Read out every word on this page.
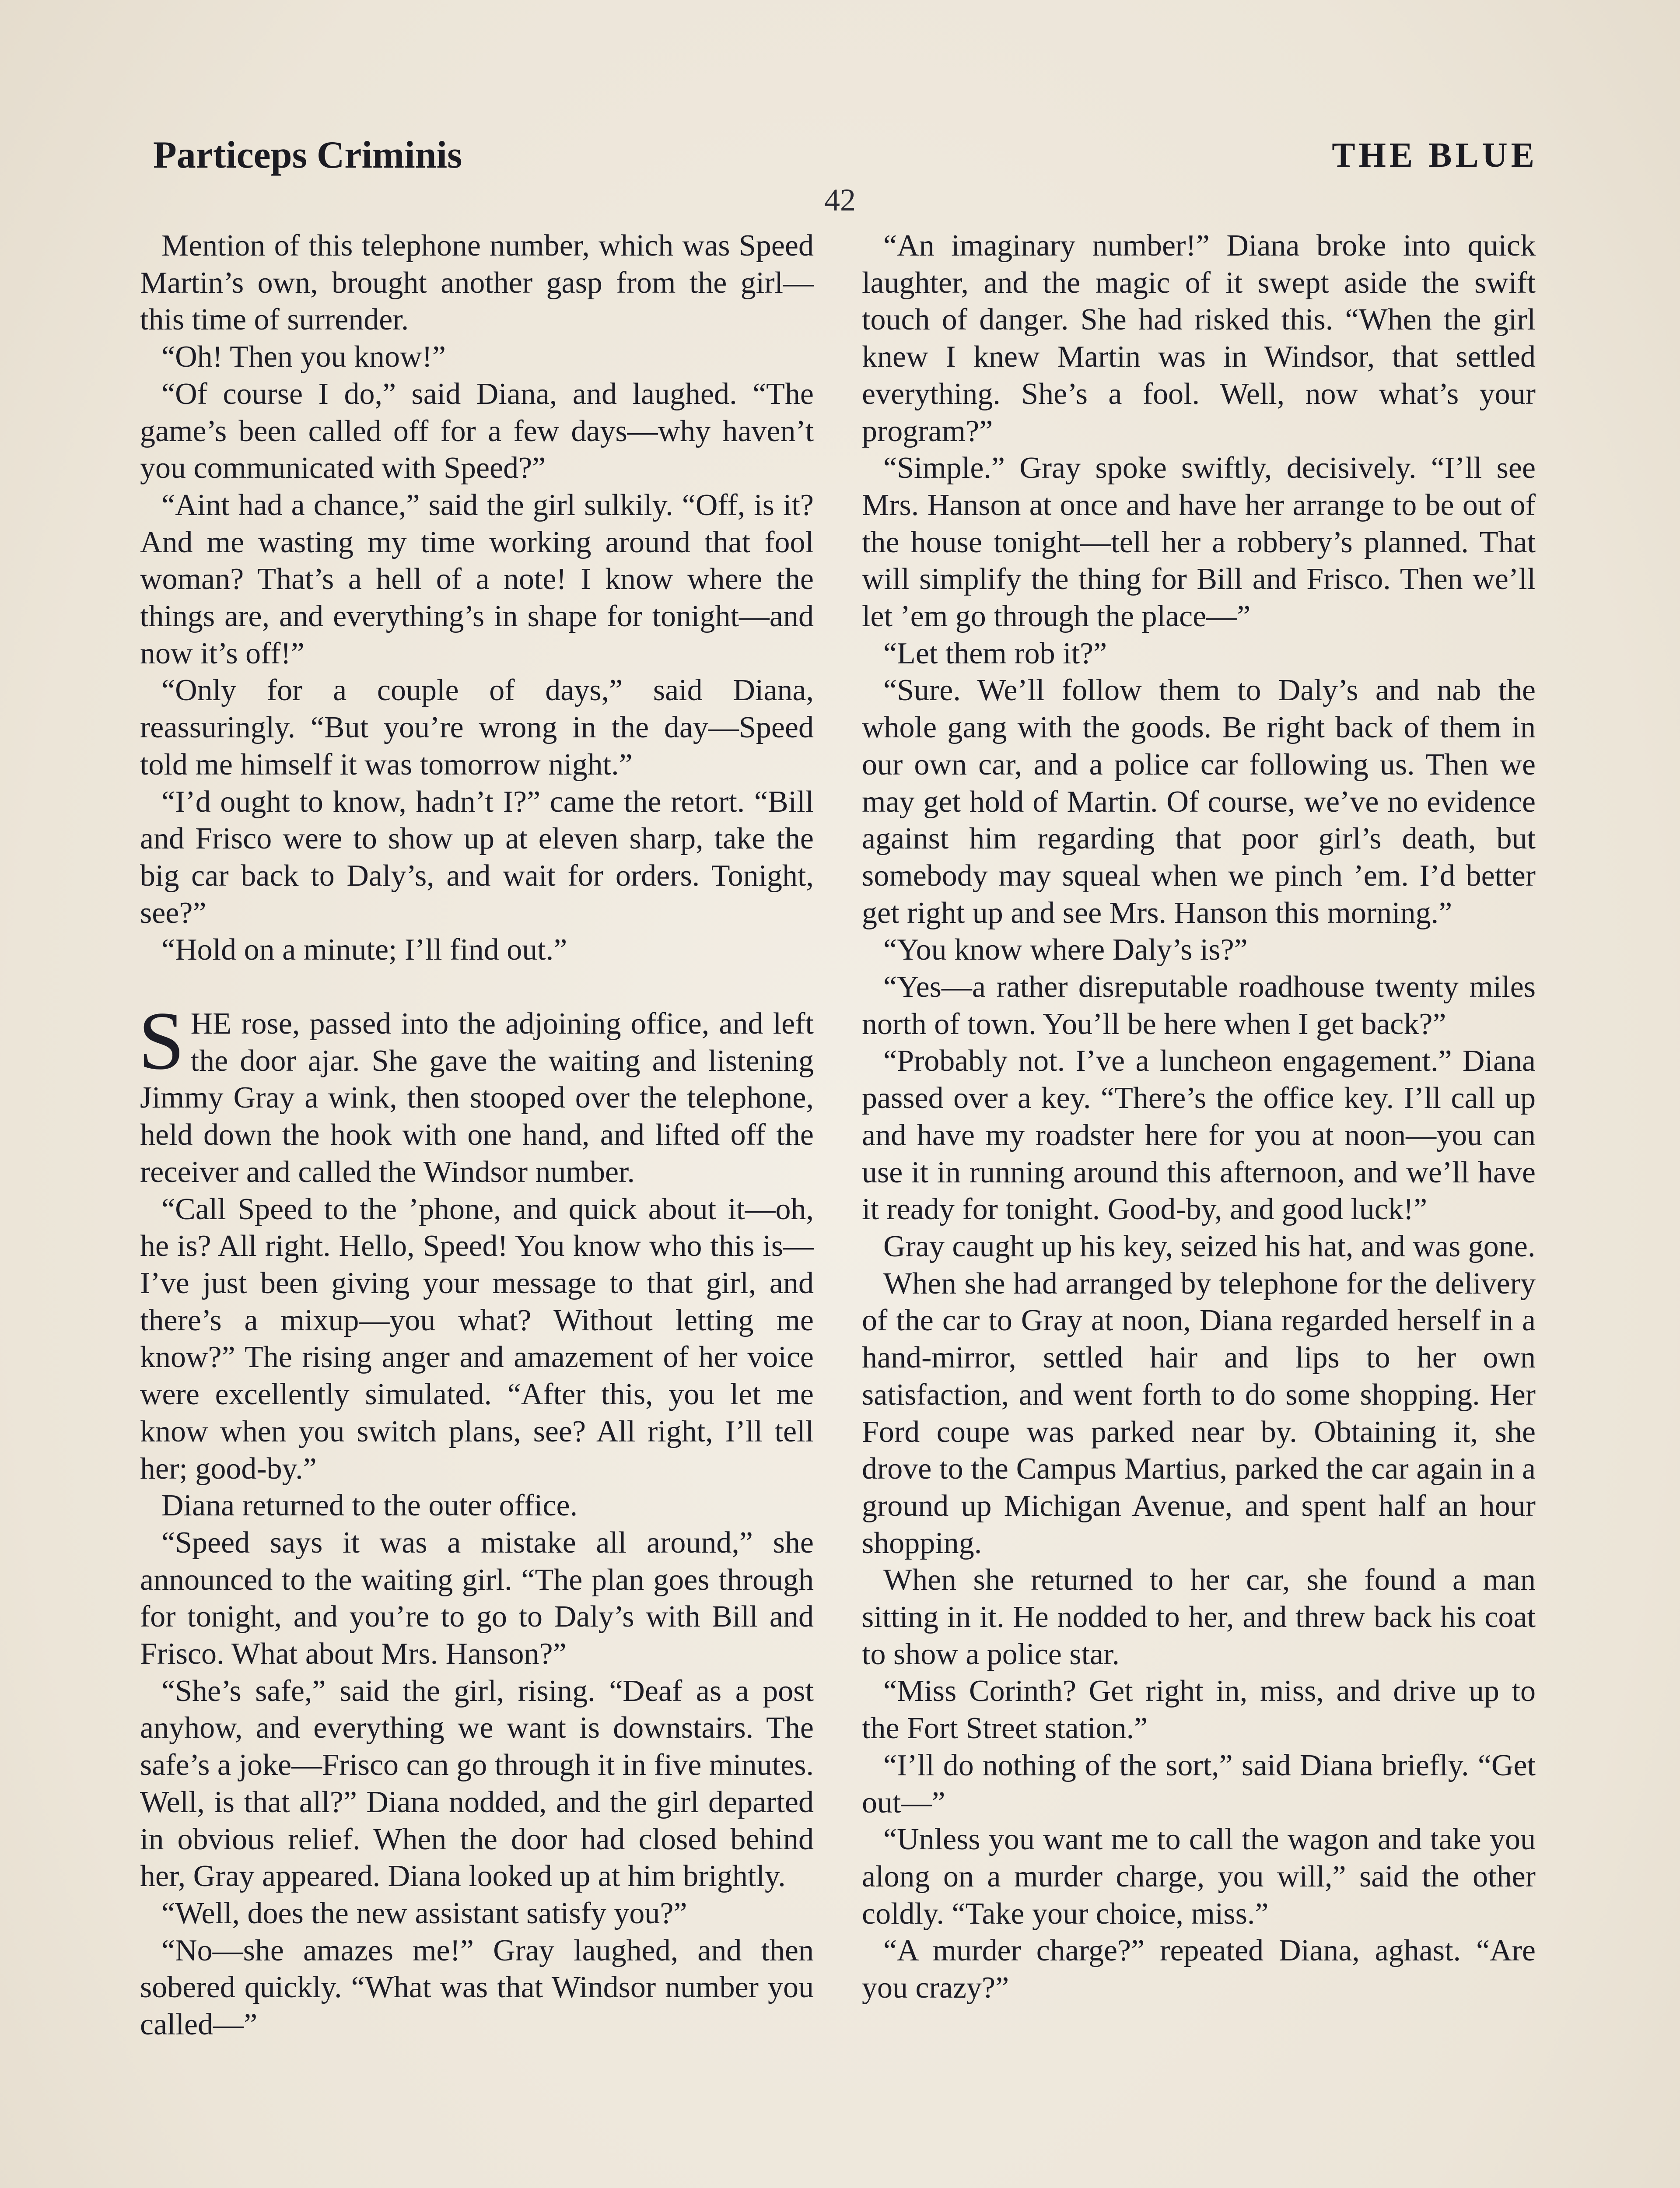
Particeps Criminis	THE BLUE
42

Mention of this telephone number, which was Speed Martin’s own, brought another gasp from the girl—this time of surrender.

“Oh! Then you know!”

“Of course I do,” said Diana, and laughed. “The game’s been called off for a few days—why haven’t you communicated with Speed?”

“Aint had a chance,” said the girl sulkily. “Off, is it? And me wasting my time working around that fool woman? That’s a hell of a note! I know where the things are, and everything’s in shape for tonight—and now it’s off!”

“Only for a couple of days,” said Diana, reassuringly. “But you’re wrong in the day—Speed told me himself it was tomorrow night.”

“I’d ought to know, hadn’t I?” came the retort. “Bill and Frisco were to show up at eleven sharp, take the big car back to Daly’s, and wait for orders. Tonight, see?”

“Hold on a minute; I’ll find out.”

SHE rose, passed into the adjoining office, and left the door ajar. She gave the waiting and listening Jimmy Gray a wink, then stooped over the telephone, held down the hook with one hand, and lifted off the receiver and called the Windsor number.

“Call Speed to the ’phone, and quick about it—oh, he is? All right. Hello, Speed! You know who this is—I’ve just been giving your message to that girl, and there’s a mixup—you what? Without letting me know?” The rising anger and amazement of her voice were excellently simulated. “After this, you let me know when you switch plans, see? All right, I’ll tell her; good-by.”

Diana returned to the outer office.

“Speed says it was a mistake all around,” she announced to the waiting girl. “The plan goes through for tonight, and you’re to go to Daly’s with Bill and Frisco. What about Mrs. Hanson?”

“She’s safe,” said the girl, rising. “Deaf as a post anyhow, and everything we want is downstairs. The safe’s a joke—Frisco can go through it in five minutes. Well, is that all?” Diana nodded, and the girl departed in obvious relief. When the door had closed behind her, Gray appeared. Diana looked up at him brightly.

“Well, does the new assistant satisfy you?”

“No—she amazes me!” Gray laughed, and then sobered quickly. “What was that Windsor number you called—”

“An imaginary number!” Diana broke into quick laughter, and the magic of it swept aside the swift touch of danger. She had risked this. “When the girl knew I knew Martin was in Windsor, that settled everything. She’s a fool. Well, now what’s your program?”

“Simple.” Gray spoke swiftly, decisively. “I’ll see Mrs. Hanson at once and have her arrange to be out of the house tonight—tell her a robbery’s planned. That will simplify the thing for Bill and Frisco. Then we’ll let ’em go through the place—”

“Let them rob it?”

“Sure. We’ll follow them to Daly’s and nab the whole gang with the goods. Be right back of them in our own car, and a police car following us. Then we may get hold of Martin. Of course, we’ve no evidence against him regarding that poor girl’s death, but somebody may squeal when we pinch ’em. I’d better get right up and see Mrs. Hanson this morning.”

“You know where Daly’s is?”

“Yes—a rather disreputable roadhouse twenty miles north of town. You’ll be here when I get back?”

“Probably not. I’ve a luncheon engagement.” Diana passed over a key. “There’s the office key. I’ll call up and have my roadster here for you at noon—you can use it in running around this afternoon, and we’ll have it ready for tonight. Good-by, and good luck!”

Gray caught up his key, seized his hat, and was gone.

When she had arranged by telephone for the delivery of the car to Gray at noon, Diana regarded herself in a hand-mirror, settled hair and lips to her own satisfaction, and went forth to do some shopping. Her Ford coupe was parked near by. Obtaining it, she drove to the Campus Martius, parked the car again in a ground up Michigan Avenue, and spent half an hour shopping.

When she returned to her car, she found a man sitting in it. He nodded to her, and threw back his coat to show a police star.

“Miss Corinth? Get right in, miss, and drive up to the Fort Street station.”

“I’ll do nothing of the sort,” said Diana briefly. “Get out—”

“Unless you want me to call the wagon and take you along on a murder charge, you will,” said the other coldly. “Take your choice, miss.”

“A murder charge?” repeated Diana, aghast. “Are you crazy?”
